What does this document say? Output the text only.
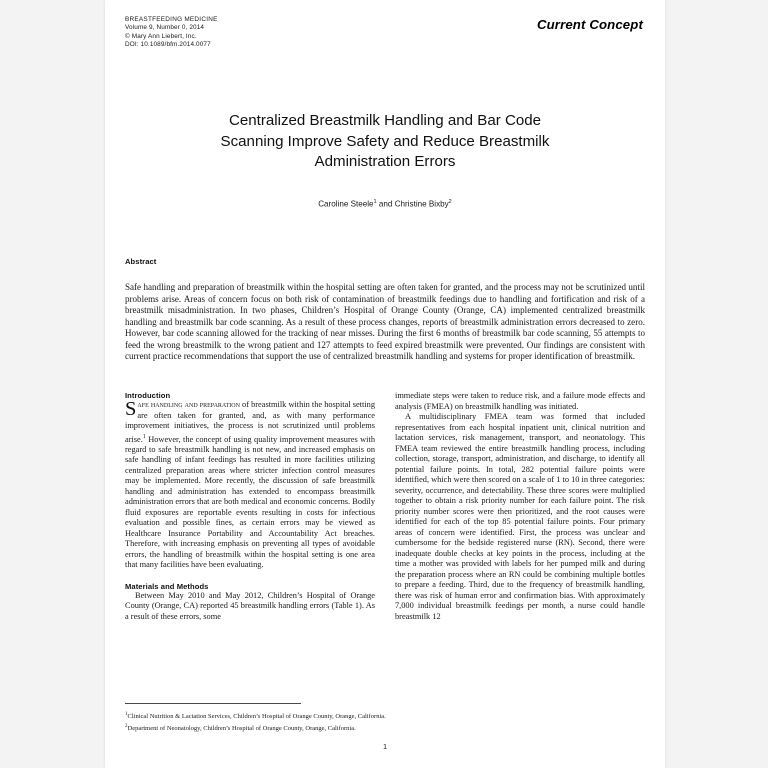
BREASTFEEDING MEDICINE
Volume 9, Number 0, 2014
© Mary Ann Liebert, Inc.
DOI: 10.1089/bfm.2014.0077
Current Concept
Centralized Breastmilk Handling and Bar Code
Scanning Improve Safety and Reduce Breastmilk
Administration Errors
Caroline Steele$^1$ and Christine Bixby$^2$
Abstract
Safe handling and preparation of breastmilk within the hospital setting are often taken for granted, and the process may not be scrutinized until problems arise. Areas of concern focus on both risk of contamination of breastmilk feedings due to handling and fortification and risk of a breastmilk misadministration. In two phases, Children’s Hospital of Orange County (Orange, CA) implemented centralized breastmilk handling and breastmilk bar code scanning. As a result of these process changes, reports of breastmilk administration errors decreased to zero. However, bar code scanning allowed for the tracking of near misses. During the first 6 months of breastmilk bar code scanning, 55 attempts to feed the wrong breastmilk to the wrong patient and 127 attempts to feed expired breastmilk were prevented. Our findings are consistent with current practice recommendations that support the use of centralized breastmilk handling and systems for proper identification of breastmilk.
Introduction

Safe handling and preparation of breastmilk within the hospital setting are often taken for granted, and, as with many performance improvement initiatives, the process is not scrutinized until problems arise.$^1$ However, the concept of using quality improvement measures with regard to safe breastmilk handling is not new, and increased emphasis on safe handling of infant feedings has resulted in more facilities utilizing centralized preparation areas where stricter infection control measures may be implemented. More recently, the discussion of safe breastmilk handling and administration has extended to encompass breastmilk administration errors that are both medical and economic concerns. Bodily fluid exposures are reportable events resulting in costs for infectious evaluation and possible fines, as certain errors may be viewed as Healthcare Insurance Portability and Accountability Act breaches. Therefore, with increasing emphasis on preventing all types of avoidable errors, the handling of breastmilk within the hospital setting is one area that many facilities have been evaluating.

Materials and Methods

Between May 2010 and May 2012, Children’s Hospital of Orange County (Orange, CA) reported 45 breastmilk handling errors (Table 1). As a result of these errors, some

immediate steps were taken to reduce risk, and a failure mode effects and analysis (FMEA) on breastmilk handling was initiated.

A multidisciplinary FMEA team was formed that included representatives from each hospital inpatient unit, clinical nutrition and lactation services, risk management, transport, and neonatology. This FMEA team reviewed the entire breastmilk handling process, including collection, storage, transport, administration, and discharge, to identify all potential failure points. In total, 282 potential failure points were identified, which were then scored on a scale of 1 to 10 in three categories: severity, occurrence, and detectability. These three scores were multiplied together to obtain a risk priority number for each failure point. The risk priority number scores were then prioritized, and the root causes were identified for each of the top 85 potential failure points. Four primary areas of concern were identified. First, the process was unclear and cumbersome for the bedside registered nurse (RN). Second, there were inadequate double checks at key points in the process, including at the time a mother was provided with labels for her pumped milk and during the preparation process where an RN could be combining multiple bottles to prepare a feeding. Third, due to the frequency of breastmilk handling, there was risk of human error and confirmation bias. With approximately 7,000 individual breastmilk feedings per month, a nurse could handle breastmilk 12

$^1$Clinical Nutrition & Lactation Services, Children’s Hospital of Orange County, Orange, California.
$^2$Department of Neonatology, Children’s Hospital of Orange County, Orange, California.
1
